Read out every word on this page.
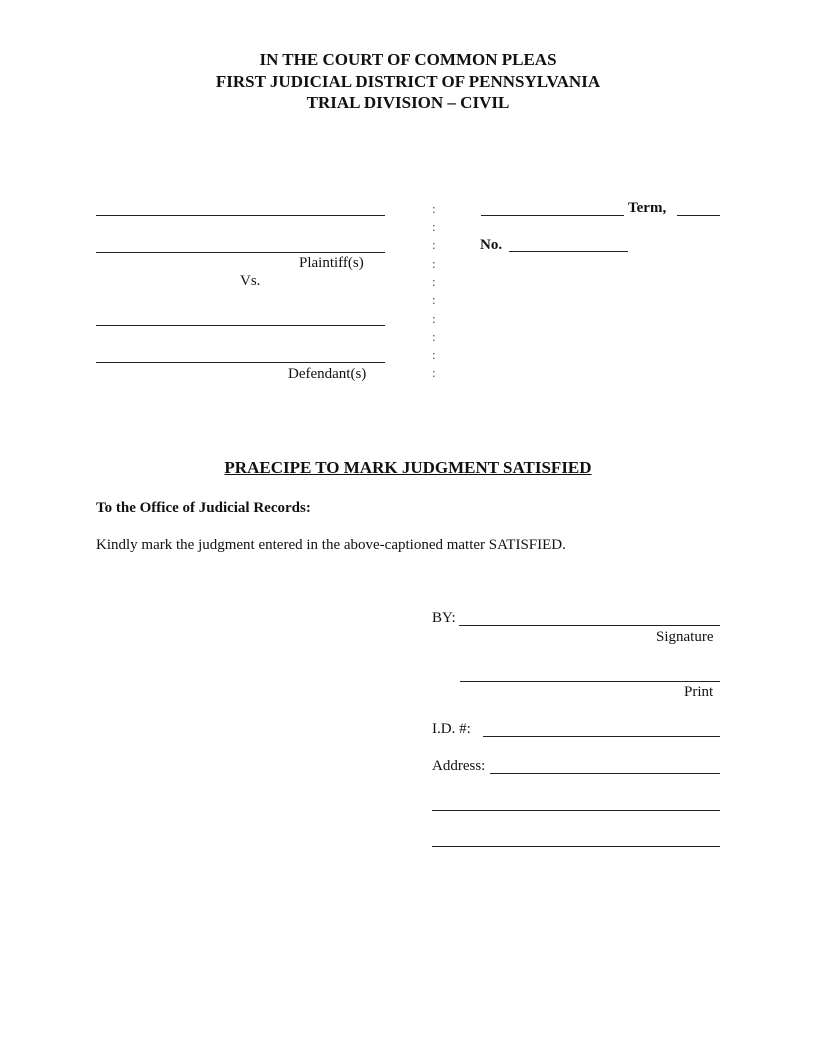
IN THE COURT OF COMMON PLEAS
FIRST JUDICIAL DISTRICT OF PENNSYLVANIA
TRIAL DIVISION – CIVIL
Plaintiff(s)
Vs.
Defendant(s)
:
:
:
:
:
:
:
:
:
:
Term,
No.
PRAECIPE TO MARK JUDGMENT SATISFIED
To the Office of Judicial Records:
Kindly mark the judgment entered in the above-captioned matter SATISFIED.
BY:
Signature
Print
I.D. #:
Address:
